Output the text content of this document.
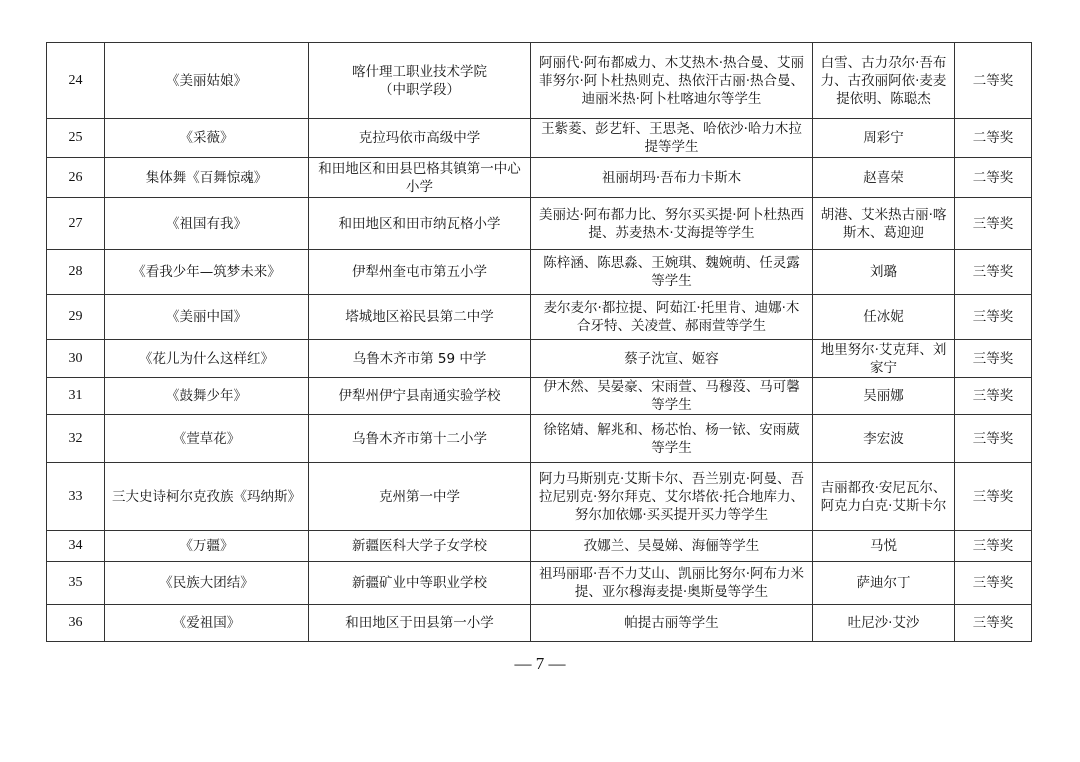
24	《美丽姑娘》	喀什理工职业技术学院
（中职学段）	阿丽代·阿布都威力、木艾热木·热合曼、艾丽菲努尔·阿卜杜热则克、热依汗古丽·热合曼、迪丽米热·阿卜杜喀迪尔等学生	白雪、古力尕尔·吾布力、古孜丽阿依·麦麦提依明、陈聪杰	二等奖
25	《采薇》	克拉玛依市高级中学	王紫菱、彭艺轩、王思尧、哈依沙·哈力木拉提等学生	周彩宁	二等奖
26	集体舞《百舞惊魂》	和田地区和田县巴格其镇第一中心小学	祖丽胡玛·吾布力卡斯木	赵喜荣	二等奖
27	《祖国有我》	和田地区和田市纳瓦格小学	美丽达·阿布都力比、努尔买买提·阿卜杜热西提、苏麦热木·艾海提等学生	胡港、艾米热古丽·喀斯木、葛迎迎	三等奖
28	《看我少年—筑梦未来》	伊犁州奎屯市第五小学	陈梓涵、陈思淼、王婉琪、魏婉萌、任灵露等学生	刘璐	三等奖
29	《美丽中国》	塔城地区裕民县第二中学	麦尔麦尔·都拉提、阿茹江·托里肯、迪娜·木合牙特、关凌萱、郝雨萱等学生	任冰妮	三等奖
30	《花儿为什么这样红》	乌鲁木齐市第 59 中学	蔡子沈宣、姬容	地里努尔·艾克拜、刘家宁	三等奖
31	《鼓舞少年》	伊犁州伊宁县南通实验学校	伊木然、吴晏豪、宋雨萱、马穆莈、马可馨等学生	吴丽娜	三等奖
32	《萱草花》	乌鲁木齐市第十二小学	徐铭婧、解兆和、杨芯怡、杨一铱、安雨葳等学生	李宏波	三等奖
33	三大史诗柯尔克孜族《玛纳斯》	克州第一中学	阿力马斯别克·艾斯卡尔、吾兰别克·阿曼、吾拉尼别克·努尔拜克、艾尔塔依·托合地库力、努尔加依娜·买买提开买力等学生	吉丽都孜·安尼瓦尔、阿克力白克·艾斯卡尔	三等奖
34	《万疆》	新疆医科大学子女学校	孜娜兰、吴曼娣、海俪等学生	马悦	三等奖
35	《民族大团结》	新疆矿业中等职业学校	祖玛丽耶·吾不力艾山、凯丽比努尔·阿布力米提、亚尔穆海麦提·奥斯曼等学生	萨迪尔丁	三等奖
36	《爱祖国》	和田地区于田县第一小学	帕提古丽等学生	吐尼沙·艾沙	三等奖
— 7 —
